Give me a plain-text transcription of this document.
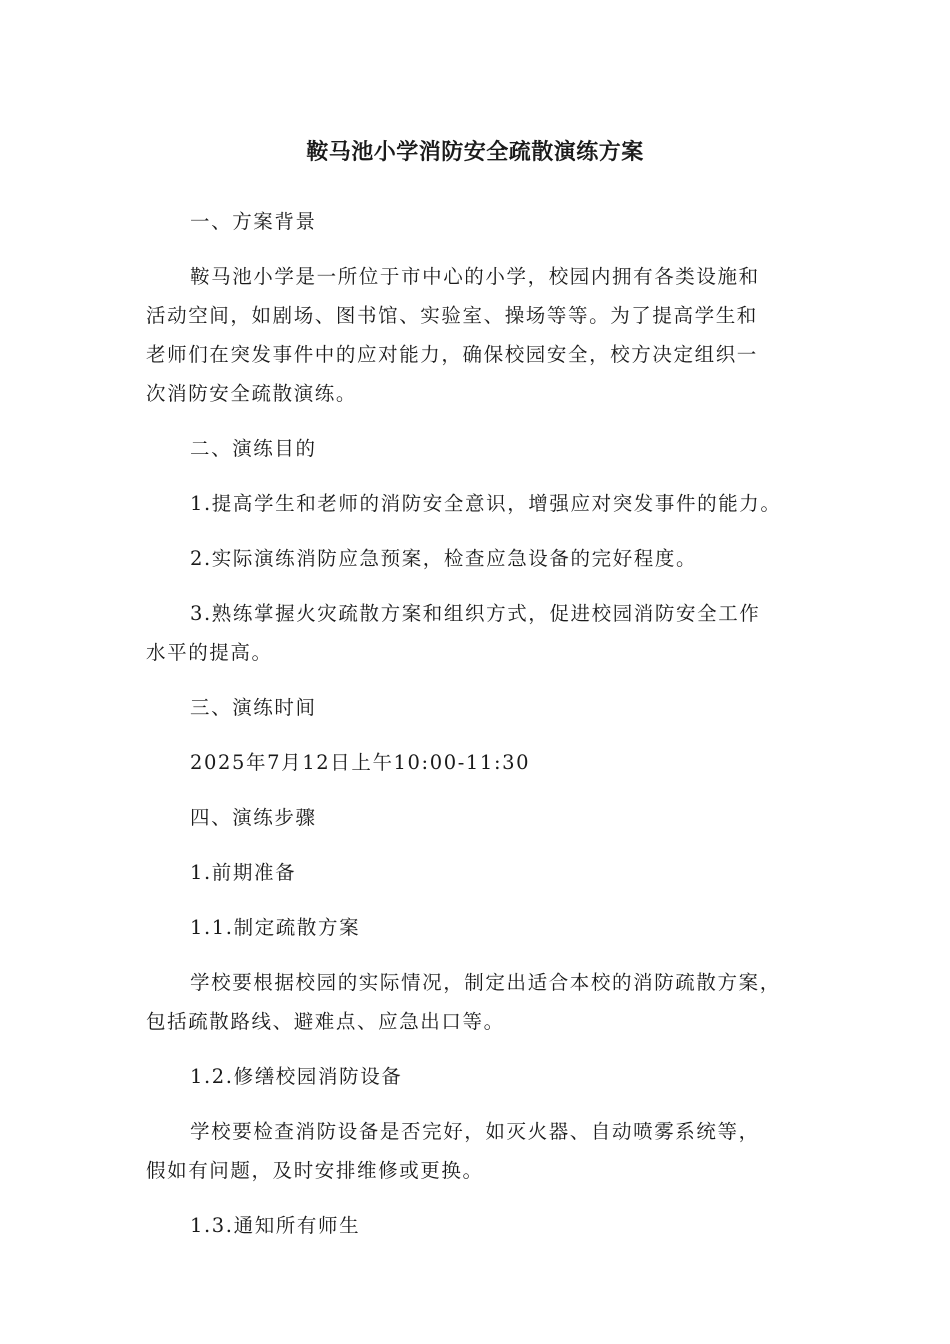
鞍马池小学消防安全疏散演练方案
一、方案背景
鞍马池小学是一所位于市中心的小学，校园内拥有各类设施和
活动空间，如剧场、图书馆、实验室、操场等等。为了提高学生和
老师们在突发事件中的应对能力，确保校园安全，校方决定组织一
次消防安全疏散演练。
二、演练目的
1.提高学生和老师的消防安全意识，增强应对突发事件的能力。
2.实际演练消防应急预案，检查应急设备的完好程度。
3.熟练掌握火灾疏散方案和组织方式，促进校园消防安全工作
水平的提高。
三、演练时间
2025年7月12日上午10:00-11:30
四、演练步骤
1.前期准备
1.1.制定疏散方案
学校要根据校园的实际情况，制定出适合本校的消防疏散方案，
包括疏散路线、避难点、应急出口等。
1.2.修缮校园消防设备
学校要检查消防设备是否完好，如灭火器、自动喷雾系统等，
假如有问题，及时安排维修或更换。
1.3.通知所有师生
